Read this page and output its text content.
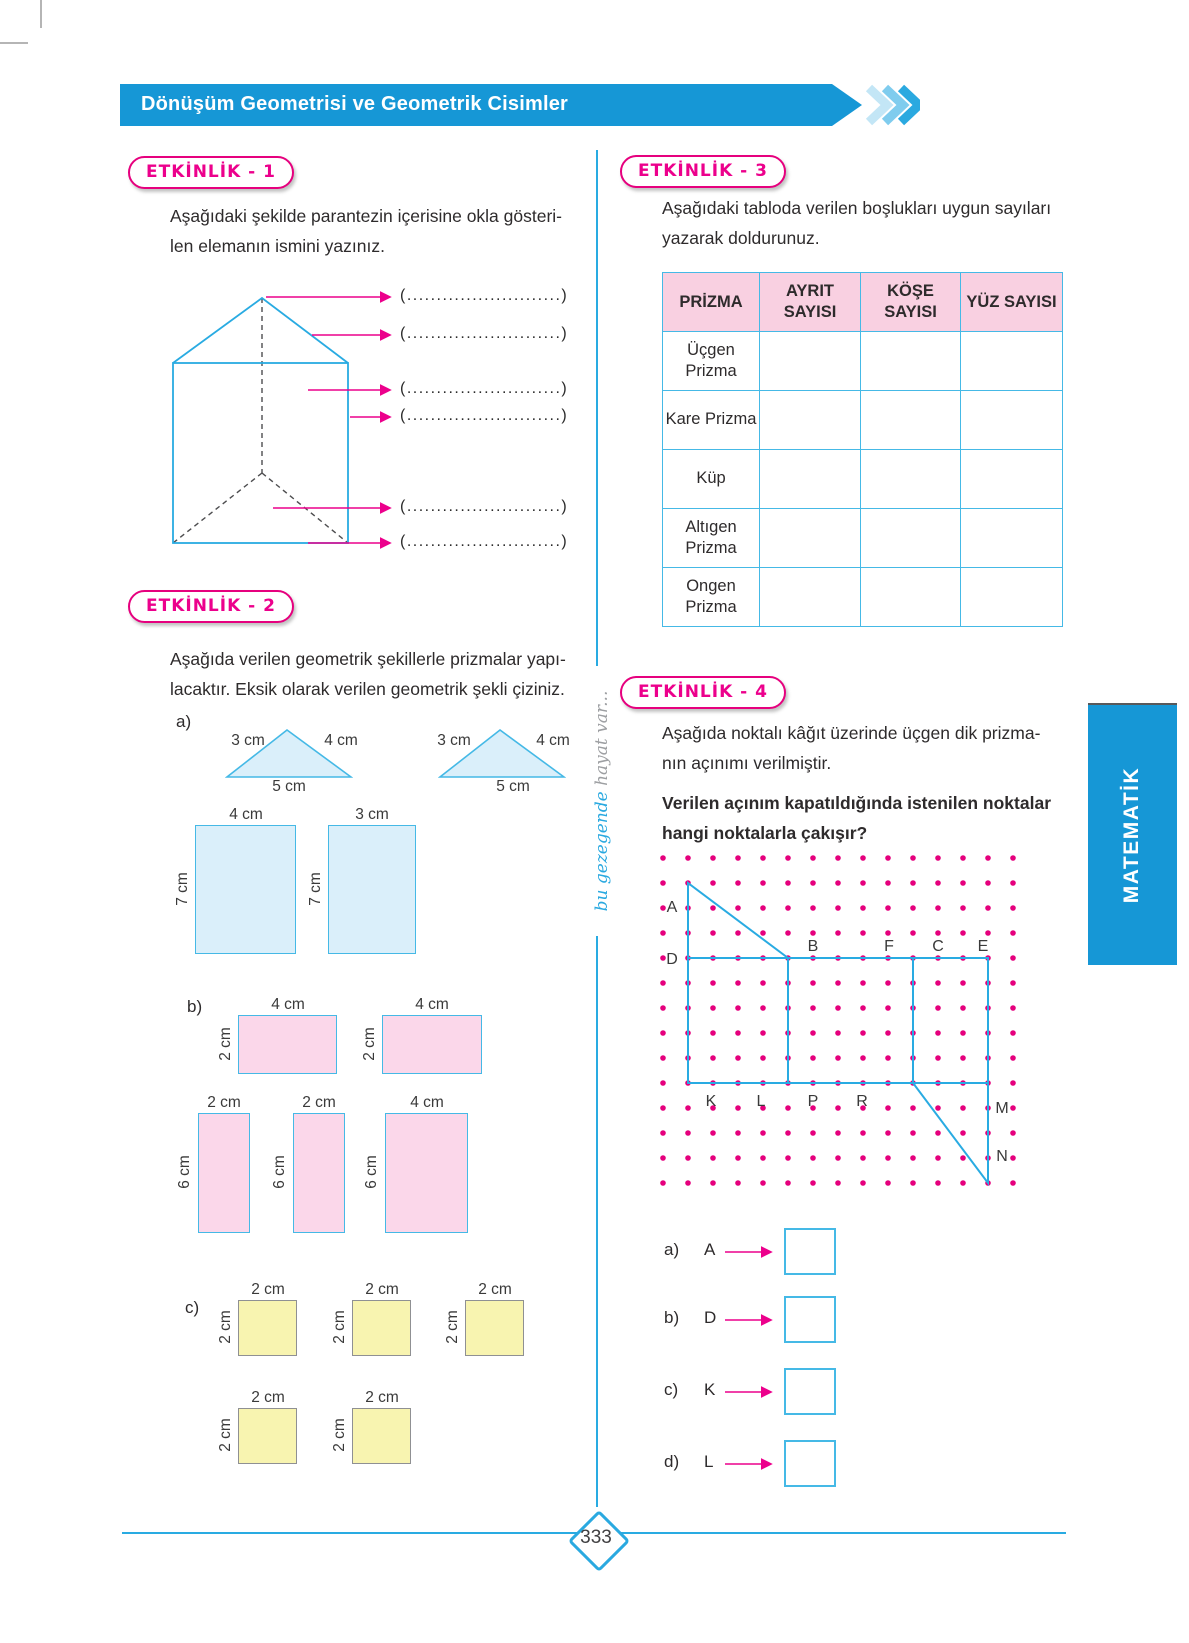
Dönüşüm Geometrisi ve Geometrik Cisimler
ETKİNLİK - 1
Aşağıdaki şekilde parantezin içerisine okla gösteri-
len elemanın ismini yazınız.
(..........................)
(..........................)
(..........................)
(..........................)
(..........................)
(..........................)
ETKİNLİK - 2
Aşağıda verilen geometrik şekillerle prizmalar yapı-
lacaktır. Eksik olarak verilen geometrik şekli çiziniz.
a)
3 cm	4 cm
5 cm
3 cm	4 cm
5 cm
4 cm	3 cm
7 cm	7 cm
b)	4 cm	4 cm
2 cm	2 cm
2 cm	2 cm	4 cm
6 cm	6 cm	6 cm
c)
2 cm	2 cm	2 cm
2 cm	2 cm	2 cm
2 cm	2 cm
2 cm	2 cm
ETKİNLİK - 3
Aşağıdaki tabloda verilen boşlukları uygun sayıları
yazarak doldurunuz.
PRİZMA	AYRIT SAYISI	KÖŞE SAYISI	YÜZ SAYISI
Üçgen Prizma			
Kare Prizma			
Küp			
Altıgen Prizma			
Ongen Prizma			
ETKİNLİK - 4
Aşağıda noktalı kâğıt üzerinde üçgen dik prizma-
nın açınımı verilmiştir.
Verilen açınım kapatıldığında istenilen noktalar
hangi noktalarla çakışır?
A
D
B	F C E
K	L	P R	M
N
a) A
b) D
c) K
d) L
MATEMATİK
bu gezegende hayat var...
333
